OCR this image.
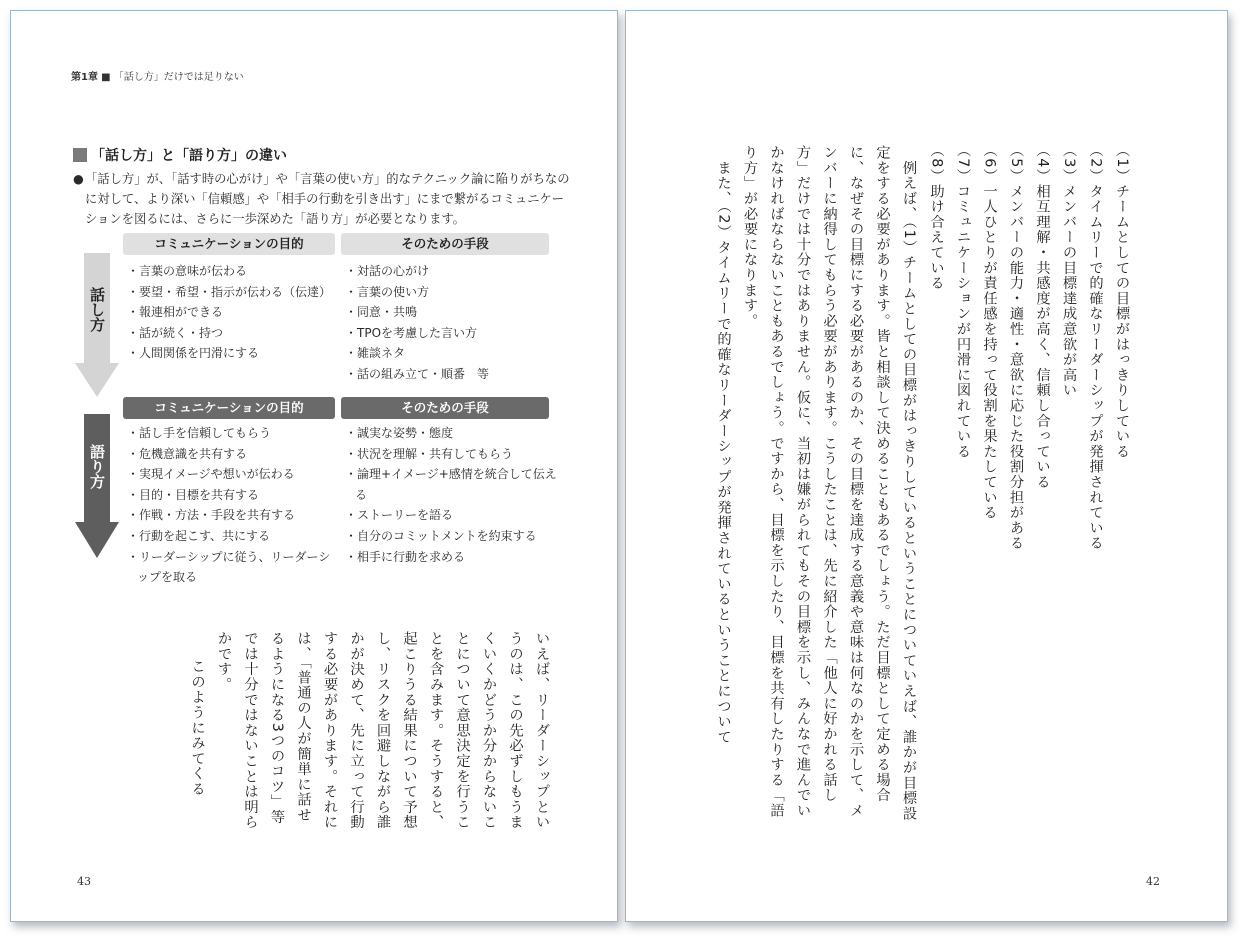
第1章 ■ 「話し方」だけでは足りない
「話し方」と「語り方」の違い
● 「話し方」が、「話す時の心がけ」や「言葉の使い方」的なテクニック論に陥りがちなのに対して、より深い「信頼感」や「相手の行動を引き出す」にまで繋がるコミュニケーションを図るには、さらに一歩深めた「語り方」が必要となります。
話し方
コミュニケーションの目的	そのための手段
・言葉の意味が伝わる
・要望・希望・指示が伝わる（伝達）
・報連相ができる
・話が続く・持つ
・人間関係を円滑にする
・対話の心がけ
・言葉の使い方
・同意・共鳴
・TPOを考慮した言い方
・雑談ネタ
・話の組み立て・順番　等
語り方
コミュニケーションの目的	そのための手段
・話し手を信頼してもらう
・危機意識を共有する
・実現イメージや想いが伝わる
・目的・目標を共有する
・作戦・方法・手段を共有する
・行動を起こす、共にする
・リーダーシップに従う、リーダーシップを取る
・誠実な姿勢・態度
・状況を理解・共有してもらう
・論理+イメージ+感情を統合して伝える
・ストーリーを語る
・自分のコミットメントを約束する
・相手に行動を求める

いえば、リーダーシップというのは、この先必ずしもうまくいくかどうか分からないことについて意思決定を行うことを含みます。そうすると、起こりうる結果について予想し、リスクを回避しながら誰かが決めて、先に立って行動する必要があります。それには、「普通の人が簡単に話せるようになる3つのコツ」等では十分ではないことは明らかです。

このようにみてくる

43
（1）チームとしての目標がはっきりしている
（2）タイムリーで的確なリーダーシップが発揮されている
（3）メンバーの目標達成意欲が高い
（4）相互理解・共感度が高く、信頼し合っている
（5）メンバーの能力・適性・意欲に応じた役割分担がある
（6）一人ひとりが責任感を持って役割を果たしている
（7）コミュニケーションが円滑に図れている
（8）助け合えている

　例えば、（1）チームとしての目標がはっきりしているということについていえば、誰かが目標設定をする必要があります。皆と相談して決めることもあるでしょう。ただ目標として定める場合に、なぜその目標にする必要があるのか、その目標を達成する意義や意味は何なのかを示して、メンバーに納得してもらう必要があります。こうしたことは、先に紹介した「他人に好かれる話し方」だけでは十分ではありません。仮に、当初は嫌がられてもその目標を示し、みんなで進んでいかなければならないこともあるでしょう。ですから、目標を示したり、目標を共有したりする「語り方」が必要になります。

　また、（2）タイムリーで的確なリーダーシップが発揮されているということについて

42
